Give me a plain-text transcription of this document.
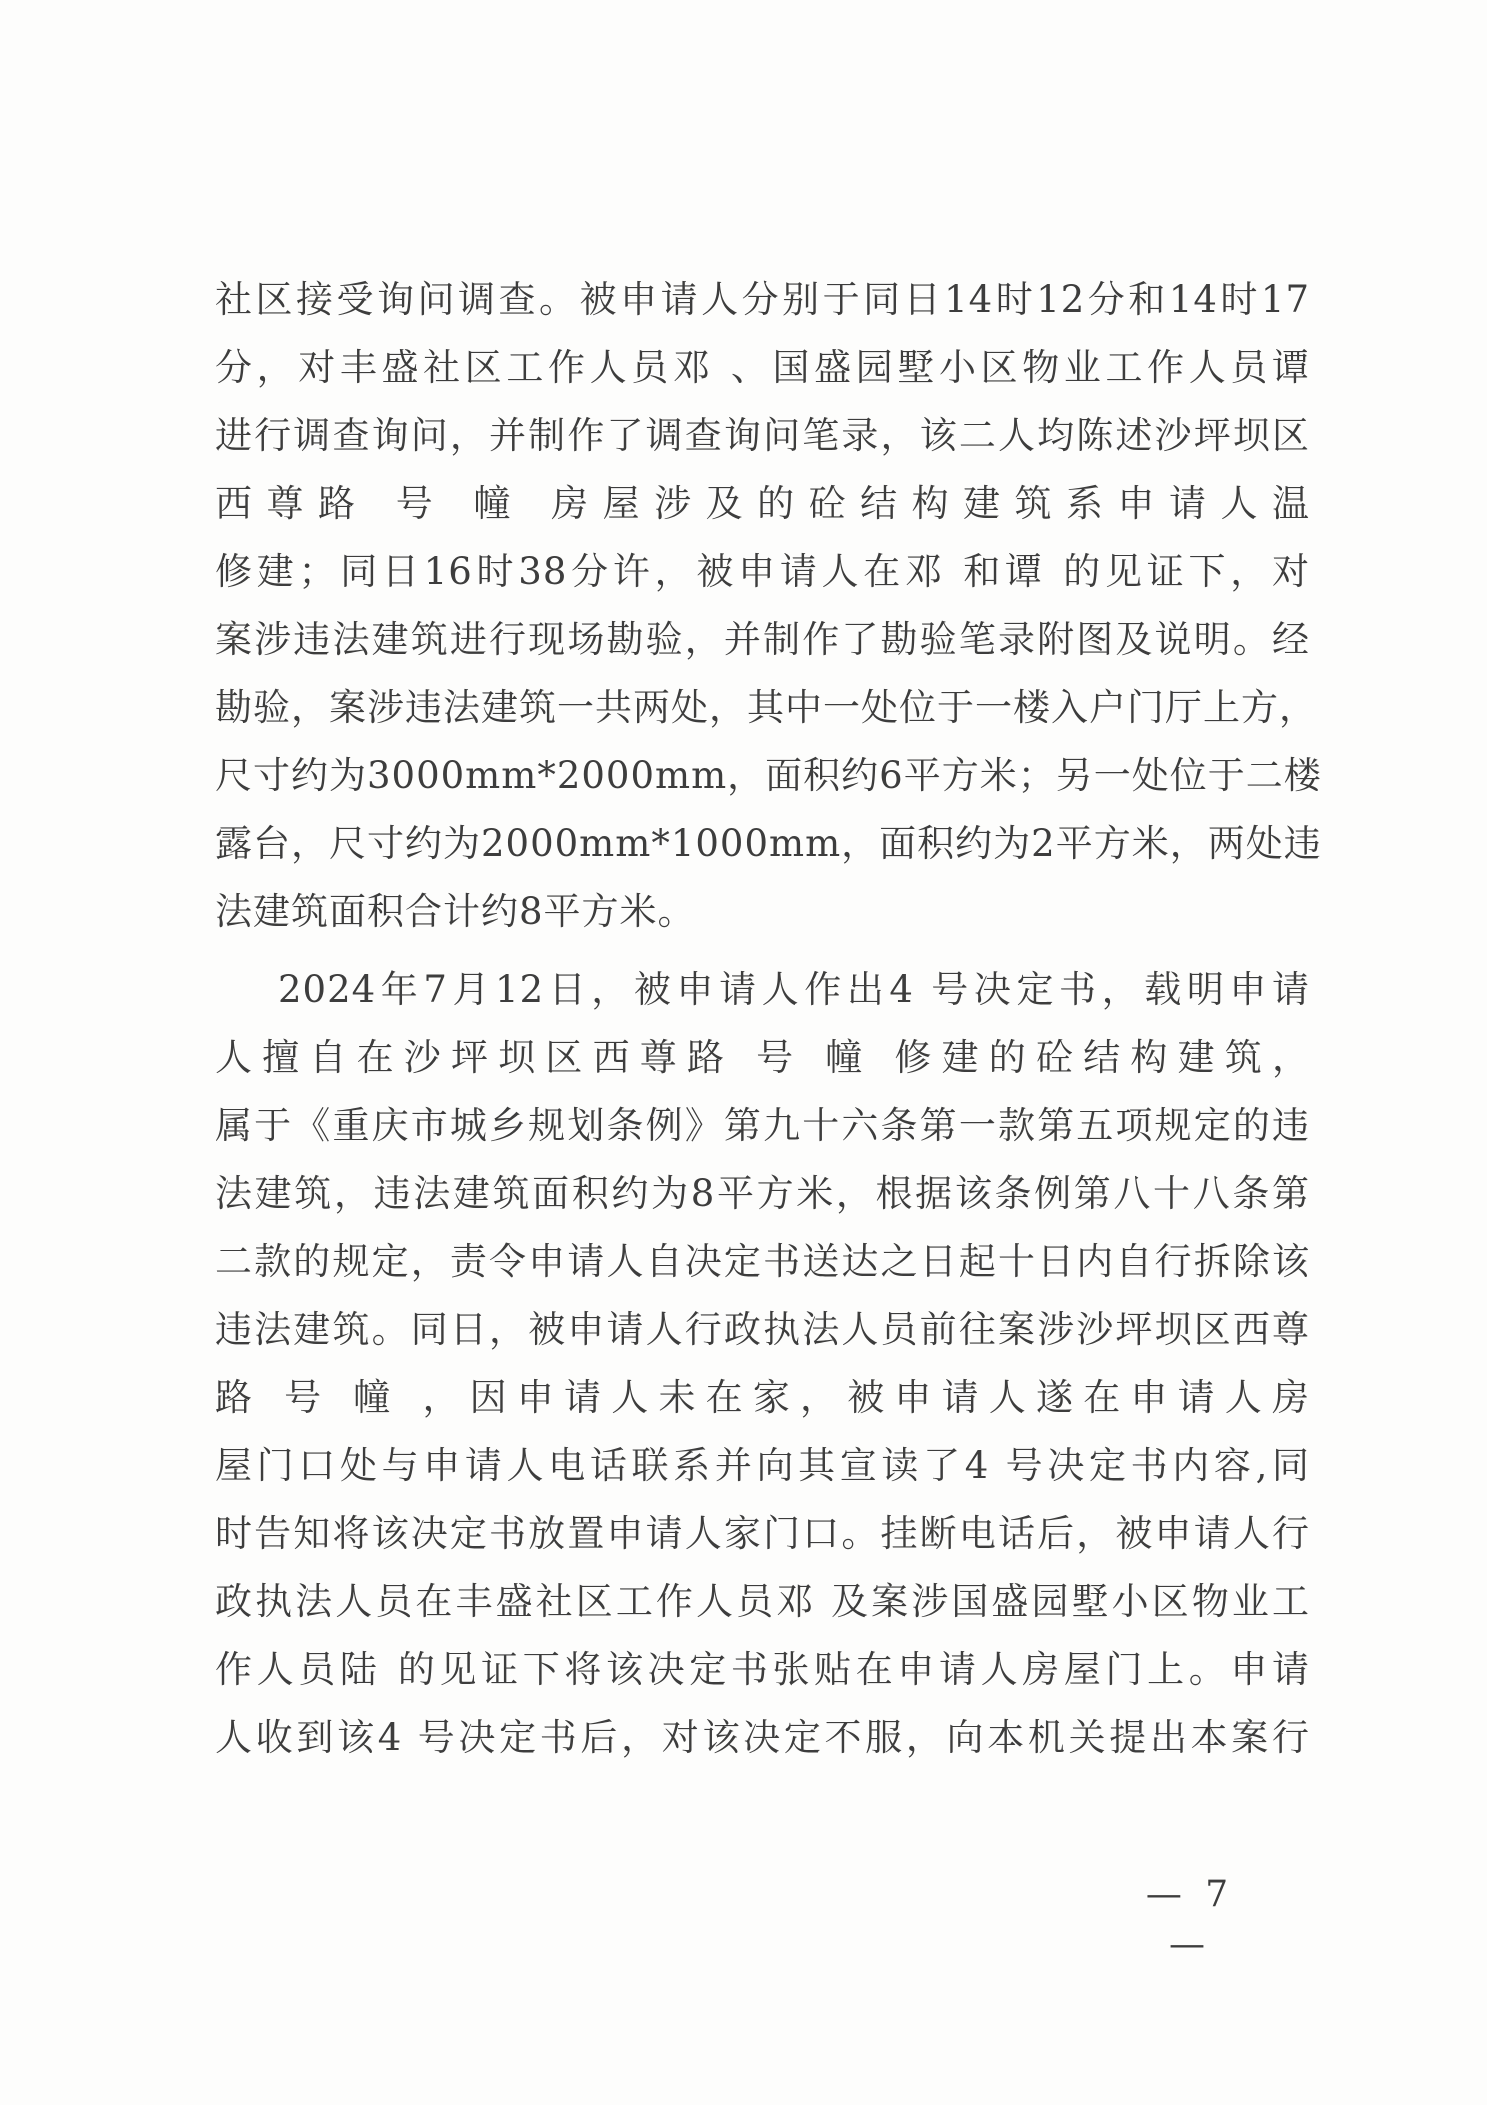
社区接受询问调查。被申请人分别于同日14时12分和14时17
分，对丰盛社区工作人员邓 、国盛园墅小区物业工作人员谭
进行调查询问，并制作了调查询问笔录，该二人均陈述沙坪坝区
西尊路 号 幢 房屋涉及的砼结构建筑系申请人温
修建；同日16时38分许，被申请人在邓 和谭 的见证下，对
案涉违法建筑进行现场勘验，并制作了勘验笔录附图及说明。经
勘验，案涉违法建筑一共两处，其中一处位于一楼入户门厅上方，
尺寸约为3000mm*2000mm，面积约6平方米；另一处位于二楼
露台，尺寸约为2000mm*1000mm，面积约为2平方米，两处违
法建筑面积合计约8平方米。
2024年7月12日，被申请人作出4 号决定书，载明申请
人擅自在沙坪坝区西尊路 号 幢 修建的砼结构建筑，
属于《重庆市城乡规划条例》第九十六条第一款第五项规定的违
法建筑，违法建筑面积约为8平方米，根据该条例第八十八条第
二款的规定，责令申请人自决定书送达之日起十日内自行拆除该
违法建筑。同日，被申请人行政执法人员前往案涉沙坪坝区西尊
路 号 幢 ，因申请人未在家，被申请人遂在申请人房
屋门口处与申请人电话联系并向其宣读了4 号决定书内容,同
时告知将该决定书放置申请人家门口。挂断电话后，被申请人行
政执法人员在丰盛社区工作人员邓 及案涉国盛园墅小区物业工
作人员陆 的见证下将该决定书张贴在申请人房屋门上。申请
人收到该4 号决定书后，对该决定不服，向本机关提出本案行
— 7 —
